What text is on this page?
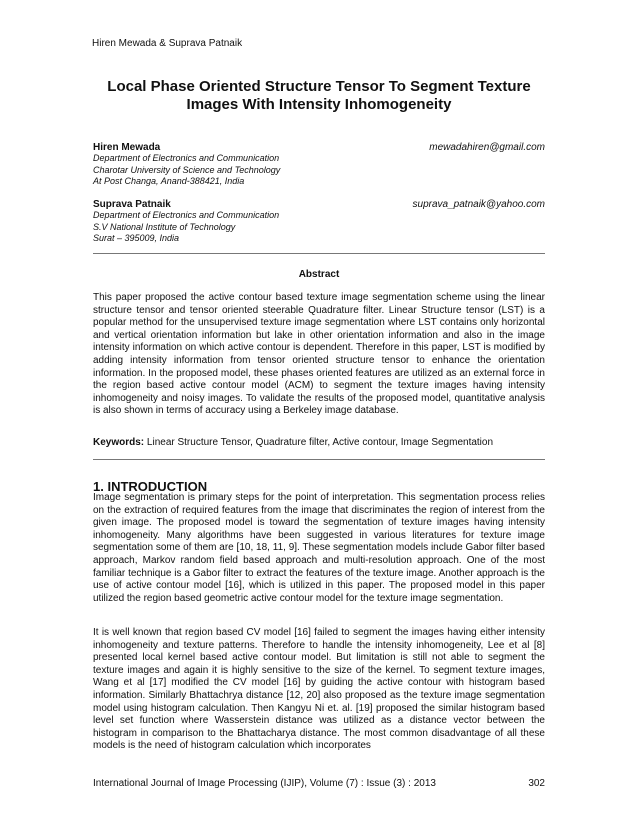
Hiren Mewada & Suprava Patnaik
Local Phase Oriented Structure Tensor To Segment Texture Images With Intensity Inhomogeneity
Hiren Mewada	mewadahiren@gmail.com
Department of Electronics and Communication
Charotar University of Science and Technology
At Post Changa, Anand-388421, India
Suprava Patnaik	suprava_patnaik@yahoo.com
Department of Electronics and Communication
S.V National Institute of Technology
Surat – 395009, India
Abstract

This paper proposed the active contour based texture image segmentation scheme using the linear structure tensor and tensor oriented steerable Quadrature filter. Linear Structure tensor (LST) is a popular method for the unsupervised texture image segmentation where LST contains only horizontal and vertical orientation information but lake in other orientation information and also in the image intensity information on which active contour is dependent. Therefore in this paper, LST is modified by adding intensity information from tensor oriented structure tensor to enhance the orientation information. In the proposed model, these phases oriented features are utilized as an external force in the region based active contour model (ACM) to segment the texture images having intensity inhomogeneity and noisy images. To validate the results of the proposed model, quantitative analysis is also shown in terms of accuracy using a Berkeley image database.

Keywords: Linear Structure Tensor, Quadrature filter, Active contour, Image Segmentation

1. INTRODUCTION

Image segmentation is primary steps for the point of interpretation. This segmentation process relies on the extraction of required features from the image that discriminates the region of interest from the given image. The proposed model is toward the segmentation of texture images having intensity inhomogeneity. Many algorithms have been suggested in various literatures for texture image segmentation some of them are [10, 18, 11, 9]. These segmentation models include Gabor filter based approach, Markov random field based approach and multi-resolution approach. One of the most familiar technique is a Gabor filter to extract the features of the texture image. Another approach is the use of active contour model [16], which is utilized in this paper. The proposed model in this paper utilized the region based geometric active contour model for the texture image segmentation.

It is well known that region based CV model [16] failed to segment the images having either intensity inhomogeneity and texture patterns. Therefore to handle the intensity inhomogeneity, Lee et al [8] presented local kernel based active contour model. But limitation is still not able to segment the texture images and again it is highly sensitive to the size of the kernel. To segment texture images, Wang et al [17] modified the CV model [16] by guiding the active contour with histogram based information. Similarly Bhattachrya distance [12, 20] also proposed as the texture image segmentation model using histogram calculation. Then Kangyu Ni et. al. [19] proposed the similar histogram based level set function where Wasserstein distance was utilized as a distance vector between the histogram in comparison to the Bhattacharya distance. The most common disadvantage of all these models is the need of histogram calculation which incorporates

International Journal of Image Processing (IJIP), Volume (7) : Issue (3) : 2013	302
